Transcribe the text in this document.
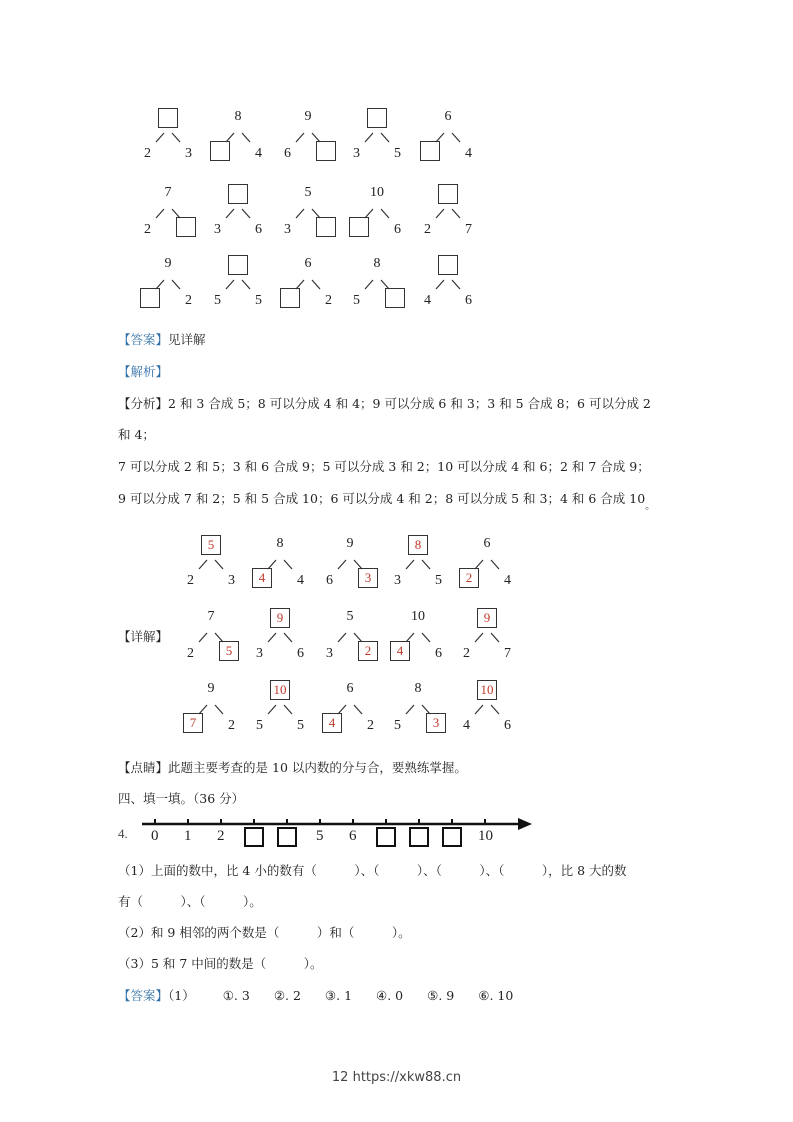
2 3
8
4
9
6	3 5
6
4
7
2	3 6
5
3
10
6 2 7
9
2 5 5
6
2
8
5	4 6
【答案】见详解
【解析】
【分析】2 和 3 合成 5；8 可以分成 4 和 4；9 可以分成 6 和 3；3 和 5 合成 8；6 可以分成 2
和 4；
7 可以分成 2 和 5；3 和 6 合成 9；5 可以分成 3 和 2；10 可以分成 4 和 6；2 和 7 合成 9；
9 可以分成 7 和 2；5 和 5 合成 10；6 可以分成 4 和 2；8 可以分成 5 和 3；4 和 6 合成 $10_。$
【详解】
5
2 3
8
4	4
9
6	3
8
3 5
6
2	4
7
2	5
9
3 6
5
3	2
10
4	6
9
2 7
9
7	2
10
5 5
6
4	2
8
5	3
10
4 6
【点睛】此题主要考查的是 10 以内数的分与合，要熟练掌握。
四、填一填。（36 分）
4. 0 1 2	5 6	10
（1）上面的数中，比 4 小的数有（　　　）、（　　　）、（　　　）、（　　　），比 8 大的数
有（　　　）、（　　　）。
（2）和 9 相邻的两个数是（　　　）和（　　　）。
（3）5 和 7 中间的数是（　　　）。
【答案】（1） ①. 3 ②. 2 ③. 1 ④. 0 ⑤. 9 ⑥. 10
12 https://xkw88.cn
